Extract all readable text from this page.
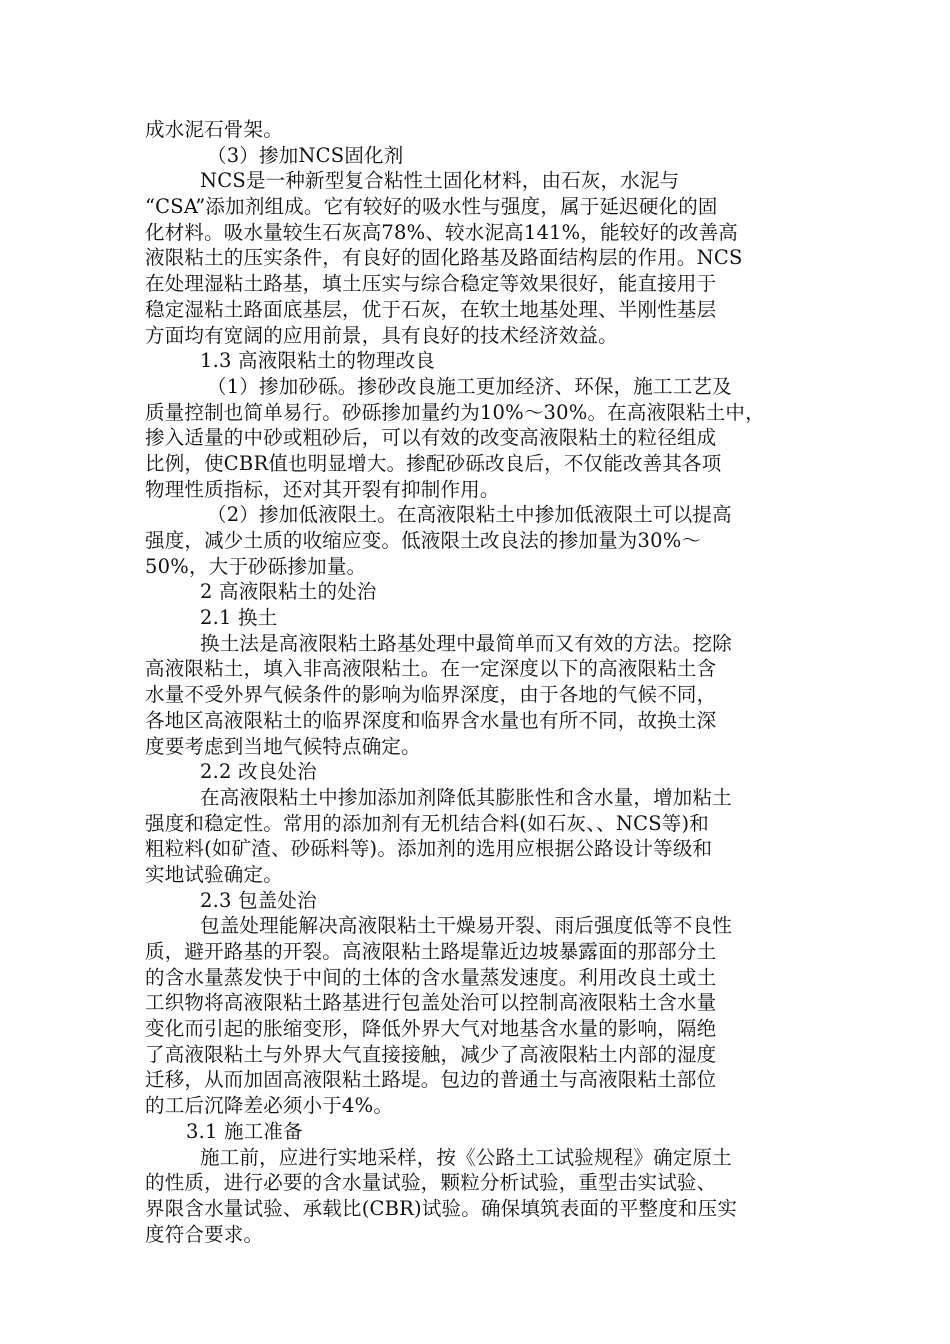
成水泥石骨架。
（3）掺加NCS固化剂
NCS是一种新型复合粘性土固化材料，由石灰，水泥与
“CSA”添加剂组成。它有较好的吸水性与强度，属于延迟硬化的固
化材料。吸水量较生石灰高78%、较水泥高141%，能较好的改善高
液限粘土的压实条件，有良好的固化路基及路面结构层的作用。NCS
在处理湿粘土路基，填土压实与综合稳定等效果很好，能直接用于
稳定湿粘土路面底基层，优于石灰，在软土地基处理、半刚性基层
方面均有宽阔的应用前景，具有良好的技术经济效益。
1.3 高液限粘土的物理改良
（1）掺加砂砾。掺砂改良施工更加经济、环保，施工工艺及
质量控制也简单易行。砂砾掺加量约为10%～30%。在高液限粘土中，
掺入适量的中砂或粗砂后，可以有效的改变高液限粘土的粒径组成
比例，使CBR值也明显增大。掺配砂砾改良后，不仅能改善其各项
物理性质指标，还对其开裂有抑制作用。
（2）掺加低液限土。在高液限粘土中掺加低液限土可以提高
强度，减少土质的收缩应变。低液限土改良法的掺加量为30%～
50%，大于砂砾掺加量。
2 高液限粘土的处治
2.1 换土
换土法是高液限粘土路基处理中最简单而又有效的方法。挖除
高液限粘土，填入非高液限粘土。在一定深度以下的高液限粘土含
水量不受外界气候条件的影响为临界深度，由于各地的气候不同，
各地区高液限粘土的临界深度和临界含水量也有所不同，故换土深
度要考虑到当地气候特点确定。
2.2 改良处治
在高液限粘土中掺加添加剂降低其膨胀性和含水量，增加粘土
强度和稳定性。常用的添加剂有无机结合料(如石灰、、NCS等)和
粗粒料(如矿渣、砂砾料等)。添加剂的选用应根据公路设计等级和
实地试验确定。
2.3 包盖处治
包盖处理能解决高液限粘土干燥易开裂、雨后强度低等不良性
质，避开路基的开裂。高液限粘土路堤靠近边坡暴露面的那部分土
的含水量蒸发快于中间的土体的含水量蒸发速度。利用改良土或土
工织物将高液限粘土路基进行包盖处治可以控制高液限粘土含水量
变化而引起的胀缩变形，降低外界大气对地基含水量的影响，隔绝
了高液限粘土与外界大气直接接触，减少了高液限粘土内部的湿度
迁移，从而加固高液限粘土路堤。包边的普通土与高液限粘土部位
的工后沉降差必须小于4%。
3.1 施工准备
施工前，应进行实地采样，按《公路土工试验规程》确定原土
的性质，进行必要的含水量试验，颗粒分析试验，重型击实试验、
界限含水量试验、承载比(CBR)试验。确保填筑表面的平整度和压实
度符合要求。
